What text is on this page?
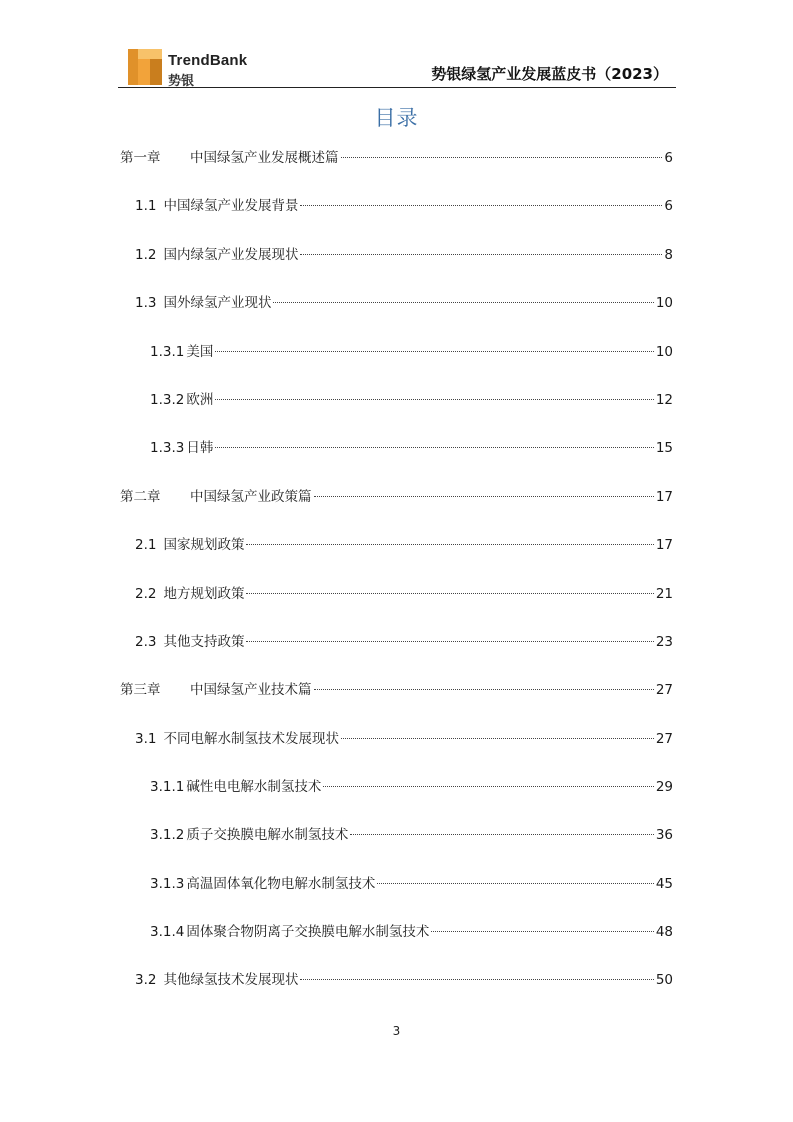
TrendBank
势银	势银绿氢产业发展蓝皮书（2023）
目录
第一章	中国绿氢产业发展概述篇	6
1.1 中国绿氢产业发展背景	6
1.2 国内绿氢产业发展现状	8
1.3 国外绿氢产业现状	10
1.3.1 美国	10
1.3.2 欧洲	12
1.3.3 日韩	15
第二章	中国绿氢产业政策篇	17
2.1 国家规划政策	17
2.2 地方规划政策	21
2.3 其他支持政策	23
第三章	中国绿氢产业技术篇	27
3.1 不同电解水制氢技术发展现状	27
3.1.1 碱性电电解水制氢技术	29
3.1.2 质子交换膜电解水制氢技术	36
3.1.3 高温固体氧化物电解水制氢技术	45
3.1.4 固体聚合物阴离子交换膜电解水制氢技术	48
3.2 其他绿氢技术发展现状	50
3
